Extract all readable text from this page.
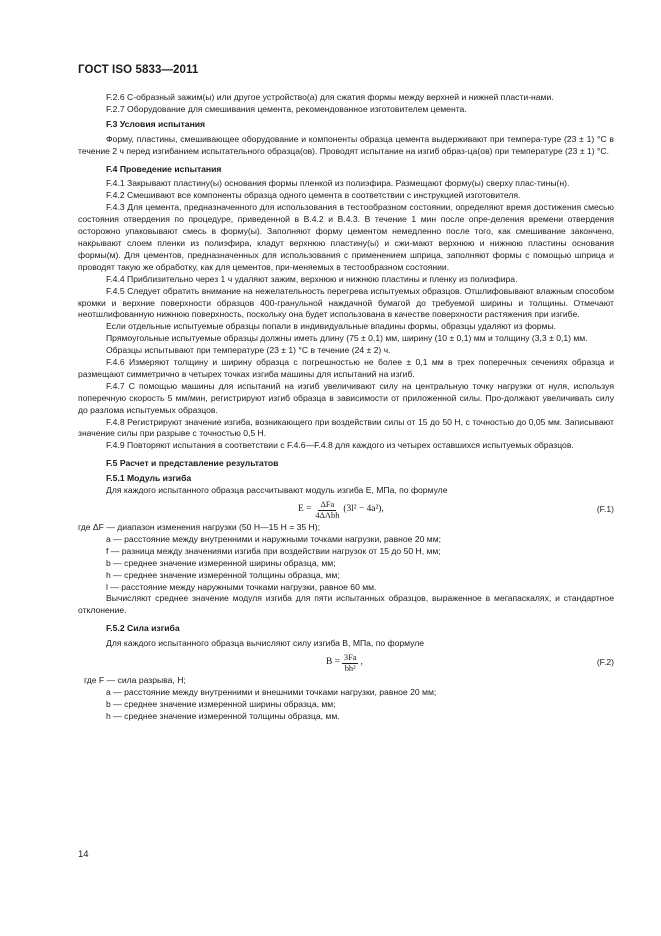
ГОСТ ISO 5833—2011

F.2.6 С-образный зажим(ы) или другое устройство(а) для сжатия формы между верхней и нижней пласти-нами.

F.2.7 Оборудование для смешивания цемента, рекомендованное изготовителем цемента.

F.3 Условия испытания

Форму, пластины, смешивающее оборудование и компоненты образца цемента выдерживают при темпера-туре (23 ± 1) °С в течение 2 ч перед изгибанием испытательного образца(ов). Проводят испытание на изгиб образ-ца(ов) при температуре (23 ± 1) °С.

F.4 Проведение испытания

F.4.1 Закрывают пластину(ы) основания формы пленкой из полиэфира. Размещают форму(ы) сверху плас-тины(н).

F.4.2 Смешивают все компоненты образца одного цемента в соответствии с инструкцией изготовителя.

F.4.3 Для цемента, предназначенного для использования в тестообразном состоянии, определяют время достижения смесью состояния отвердения по процедуре, приведенной в В.4.2 и В.4.3. В течение 1 мин после опре-деления времени отвердения осторожно упаковывают смесь в форму(ы). Заполняют форму цементом немедленно после того, как смешивание закончено, накрывают слоем пленки из полиэфира, кладут верхнюю пластину(ы) и сжи-мают верхнюю и нижнюю пластины основания формы(м). Для цементов, предназначенных для использования с применением шприца, заполняют формы с помощью шприца и проводят такую же обработку, как для цементов, при-меняемых в тестообразном состоянии.

F.4.4 Приблизительно через 1 ч удаляют зажим, верхнюю и нижнюю пластины и пленку из полиэфира.

F.4.5 Следует обратить внимание на нежелательность перегрева испытуемых образцов. Отшлифовывают влажным способом кромки и верхние поверхности образцов 400-гранульной наждачной бумагой до требуемой ширины и толщины. Отмечают неотшлифованную нижнюю поверхность, поскольку она будет использована в качестве поверхности растяжения при изгибе.

Если отдельные испытуемые образцы попали в индивидуальные впадины формы, образцы удаляют из формы.

Прямоугольные испытуемые образцы должны иметь длину (75 ± 0,1) мм, ширину (10 ± 0,1) мм и толщину (3,3 ± 0,1) мм.

Образцы испытывают при температуре (23 ± 1) °С в течение (24 ± 2) ч.

F.4.6 Измеряют толщину и ширину образца с погрешностью не более ± 0,1 мм в трех поперечных сечениях образца и размещают симметрично в четырех точках изгиба машины для испытаний на изгиб.

F.4.7 С помощью машины для испытаний на изгиб увеличивают силу на центральную точку нагрузки от нуля, используя поперечную скорость 5 мм/мин, регистрируют изгиб образца в зависимости от приложенной силы. Про-должают увеличивать силу до разлома испытуемых образцов.

F.4.8 Регистрируют значение изгиба, возникающего при воздействии силы от 15 до 50 Н, с точностью до 0,05 мм. Записывают значение силы при разрыве с точностью 0,5 Н.

F.4.9 Повторяют испытания в соответствии с F.4.6—F.4.8 для каждого из четырех оставшихся испытуемых образцов.

F.5 Расчет и представление результатов

F.5.1 Модуль изгиба

Для каждого испытанного образца рассчитывают модуль изгиба Е, МПа, по формуле

$E = \frac{\text{ΔFa}}{\text{4ΔΛbh}} (3l^2 - 4a^2)$,	(F.1)

где ΔF — диапазон изменения нагрузки (50 Н—15 Н = 35 Н);

a — расстояние между внутренними и наружными точками нагрузки, равное 20 мм;

f — разница между значениями изгиба при воздействии нагрузок от 15 до 50 Н, мм;

b — среднее значение измеренной ширины образца, мм;

h — среднее значение измеренной толщины образца, мм;

l — расстояние между наружными точками нагрузки, равное 60 мм.

Вычисляют среднее значение модуля изгиба для пяти испытанных образцов, выраженное в мегапаскалях, и стандартное отклонение.

F.5.2 Сила изгиба

Для каждого испытанного образца вычисляют силу изгиба В, МПа, по формуле

$B = \frac{3Fa}{\text{bh²}}$ ,	(F.2)

где F — сила разрыва, Н;

a — расстояние между внутренними и внешними точками нагрузки, равное 20 мм;

b — среднее значение измеренной ширины образца, мм;

h — среднее значение измеренной толщины образца, мм.

14
